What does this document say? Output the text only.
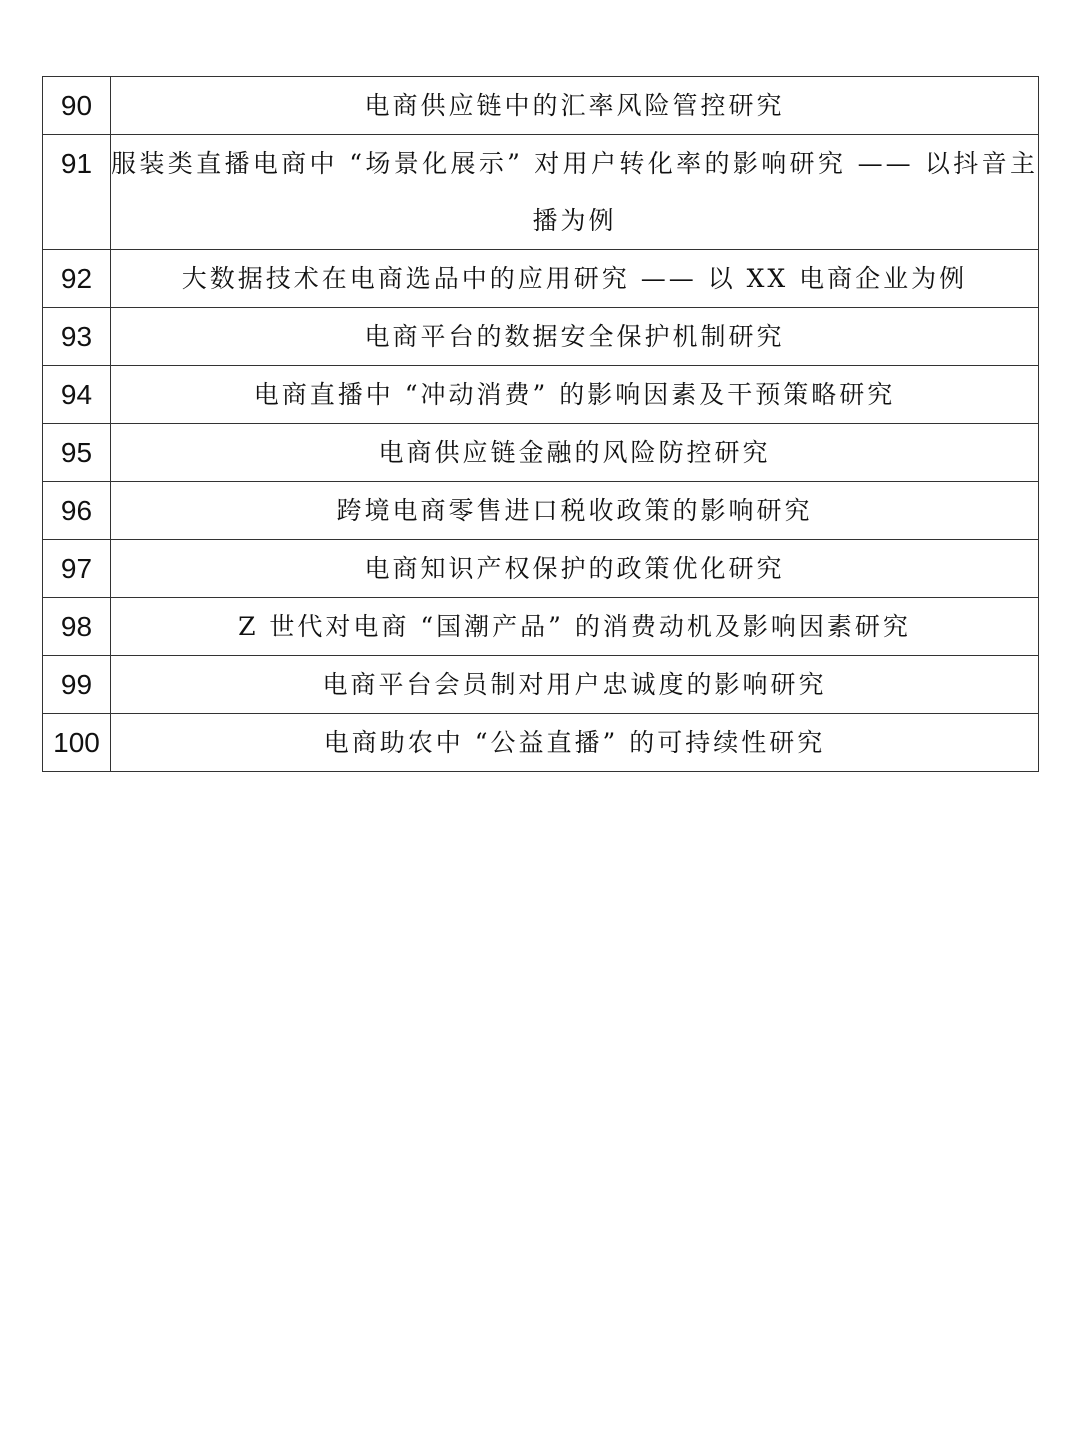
90	电商供应链中的汇率风险管控研究
91	服装类直播电商中 “场景化展示” 对用户转化率的影响研究 —— 以抖音主播为例
92	大数据技术在电商选品中的应用研究 —— 以 XX 电商企业为例
93	电商平台的数据安全保护机制研究
94	电商直播中 “冲动消费” 的影响因素及干预策略研究
95	电商供应链金融的风险防控研究
96	跨境电商零售进口税收政策的影响研究
97	电商知识产权保护的政策优化研究
98	Z 世代对电商 “国潮产品” 的消费动机及影响因素研究
99	电商平台会员制对用户忠诚度的影响研究
100	电商助农中 “公益直播” 的可持续性研究
